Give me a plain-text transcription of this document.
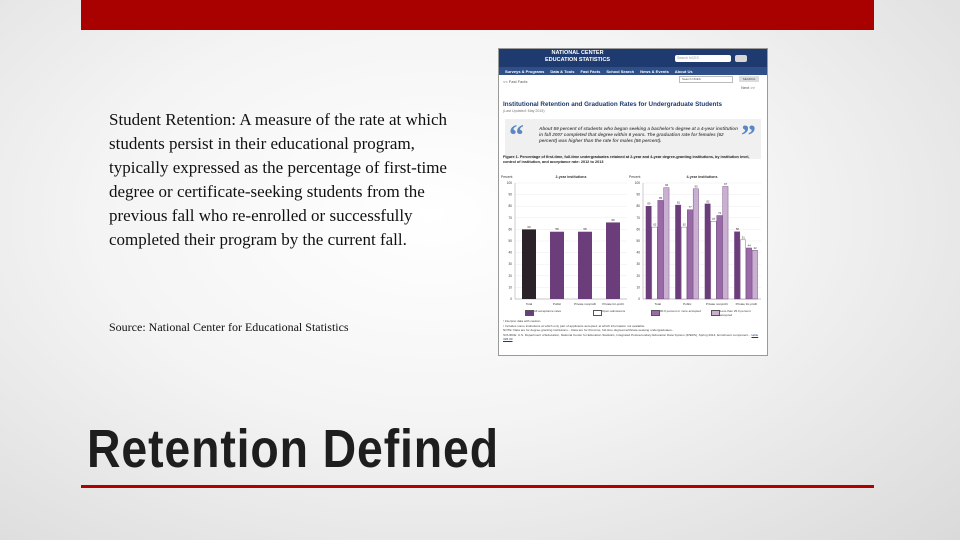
Student Retention: A measure of the rate at which students persist in their educational program, typically expressed as the percentage of first-time degree or certificate-seeking students from the previous fall who re-enrolled or successfully completed their program by the current fall.
Source: National Center for Educational Statistics
Retention Defined
NATIONAL CENTER
EDUCATION STATISTICS	Search NCES
Surveys & Programs Data & Tools Fast Facts School Search News & Events About Us
<< Fast Facts	Search NCES	SEARCH
Next >>
Institutional Retention and Graduation Rates for Undergraduate Students
(Last Updated: May 2015)
“	About 59 percent of students who began seeking a bachelor's degree at a 4-year institution in fall 2007 completed that degree within 6 years. The graduation rate for females (62 percent) was higher than the rate for males (56 percent).	”
Figure 1. Percentage of first-time, full-time undergraduates retained at 2-year and 4-year degree-granting institutions, by institution level, control of institution, and acceptance rate: 2012 to 2013
2-year institutions
Percent
0
10
20
30
40
50
60
70
80
90
100
Total
60
Public
58
Private nonprofit
58
Private for-profit
66
4-year institutions
Percent
0
10
20
30
40
50
60
70
80
90
100
Total
80
62
85
96
Public
81
62
77
95
Private nonprofit
82
67
72
97
Private for-profit
58
51
44
42
All acceptance rates	Open admissions	90.0 percent or more accepted	Less than 25.0 percent accepted

! Interpret data with caution.

¹ Includes some institutions at which only part of applicants accepted; at which information not available.

NOTE: Data are for degree-granting institutions... Data are for first-time, full-time degree/certificate-seeking undergraduates...

SOURCE: U.S. Department of Education, National Center for Education Statistics, Integrated Postsecondary Education Data System (IPEDS), Spring 2014, Enrollment component... table 326.30
